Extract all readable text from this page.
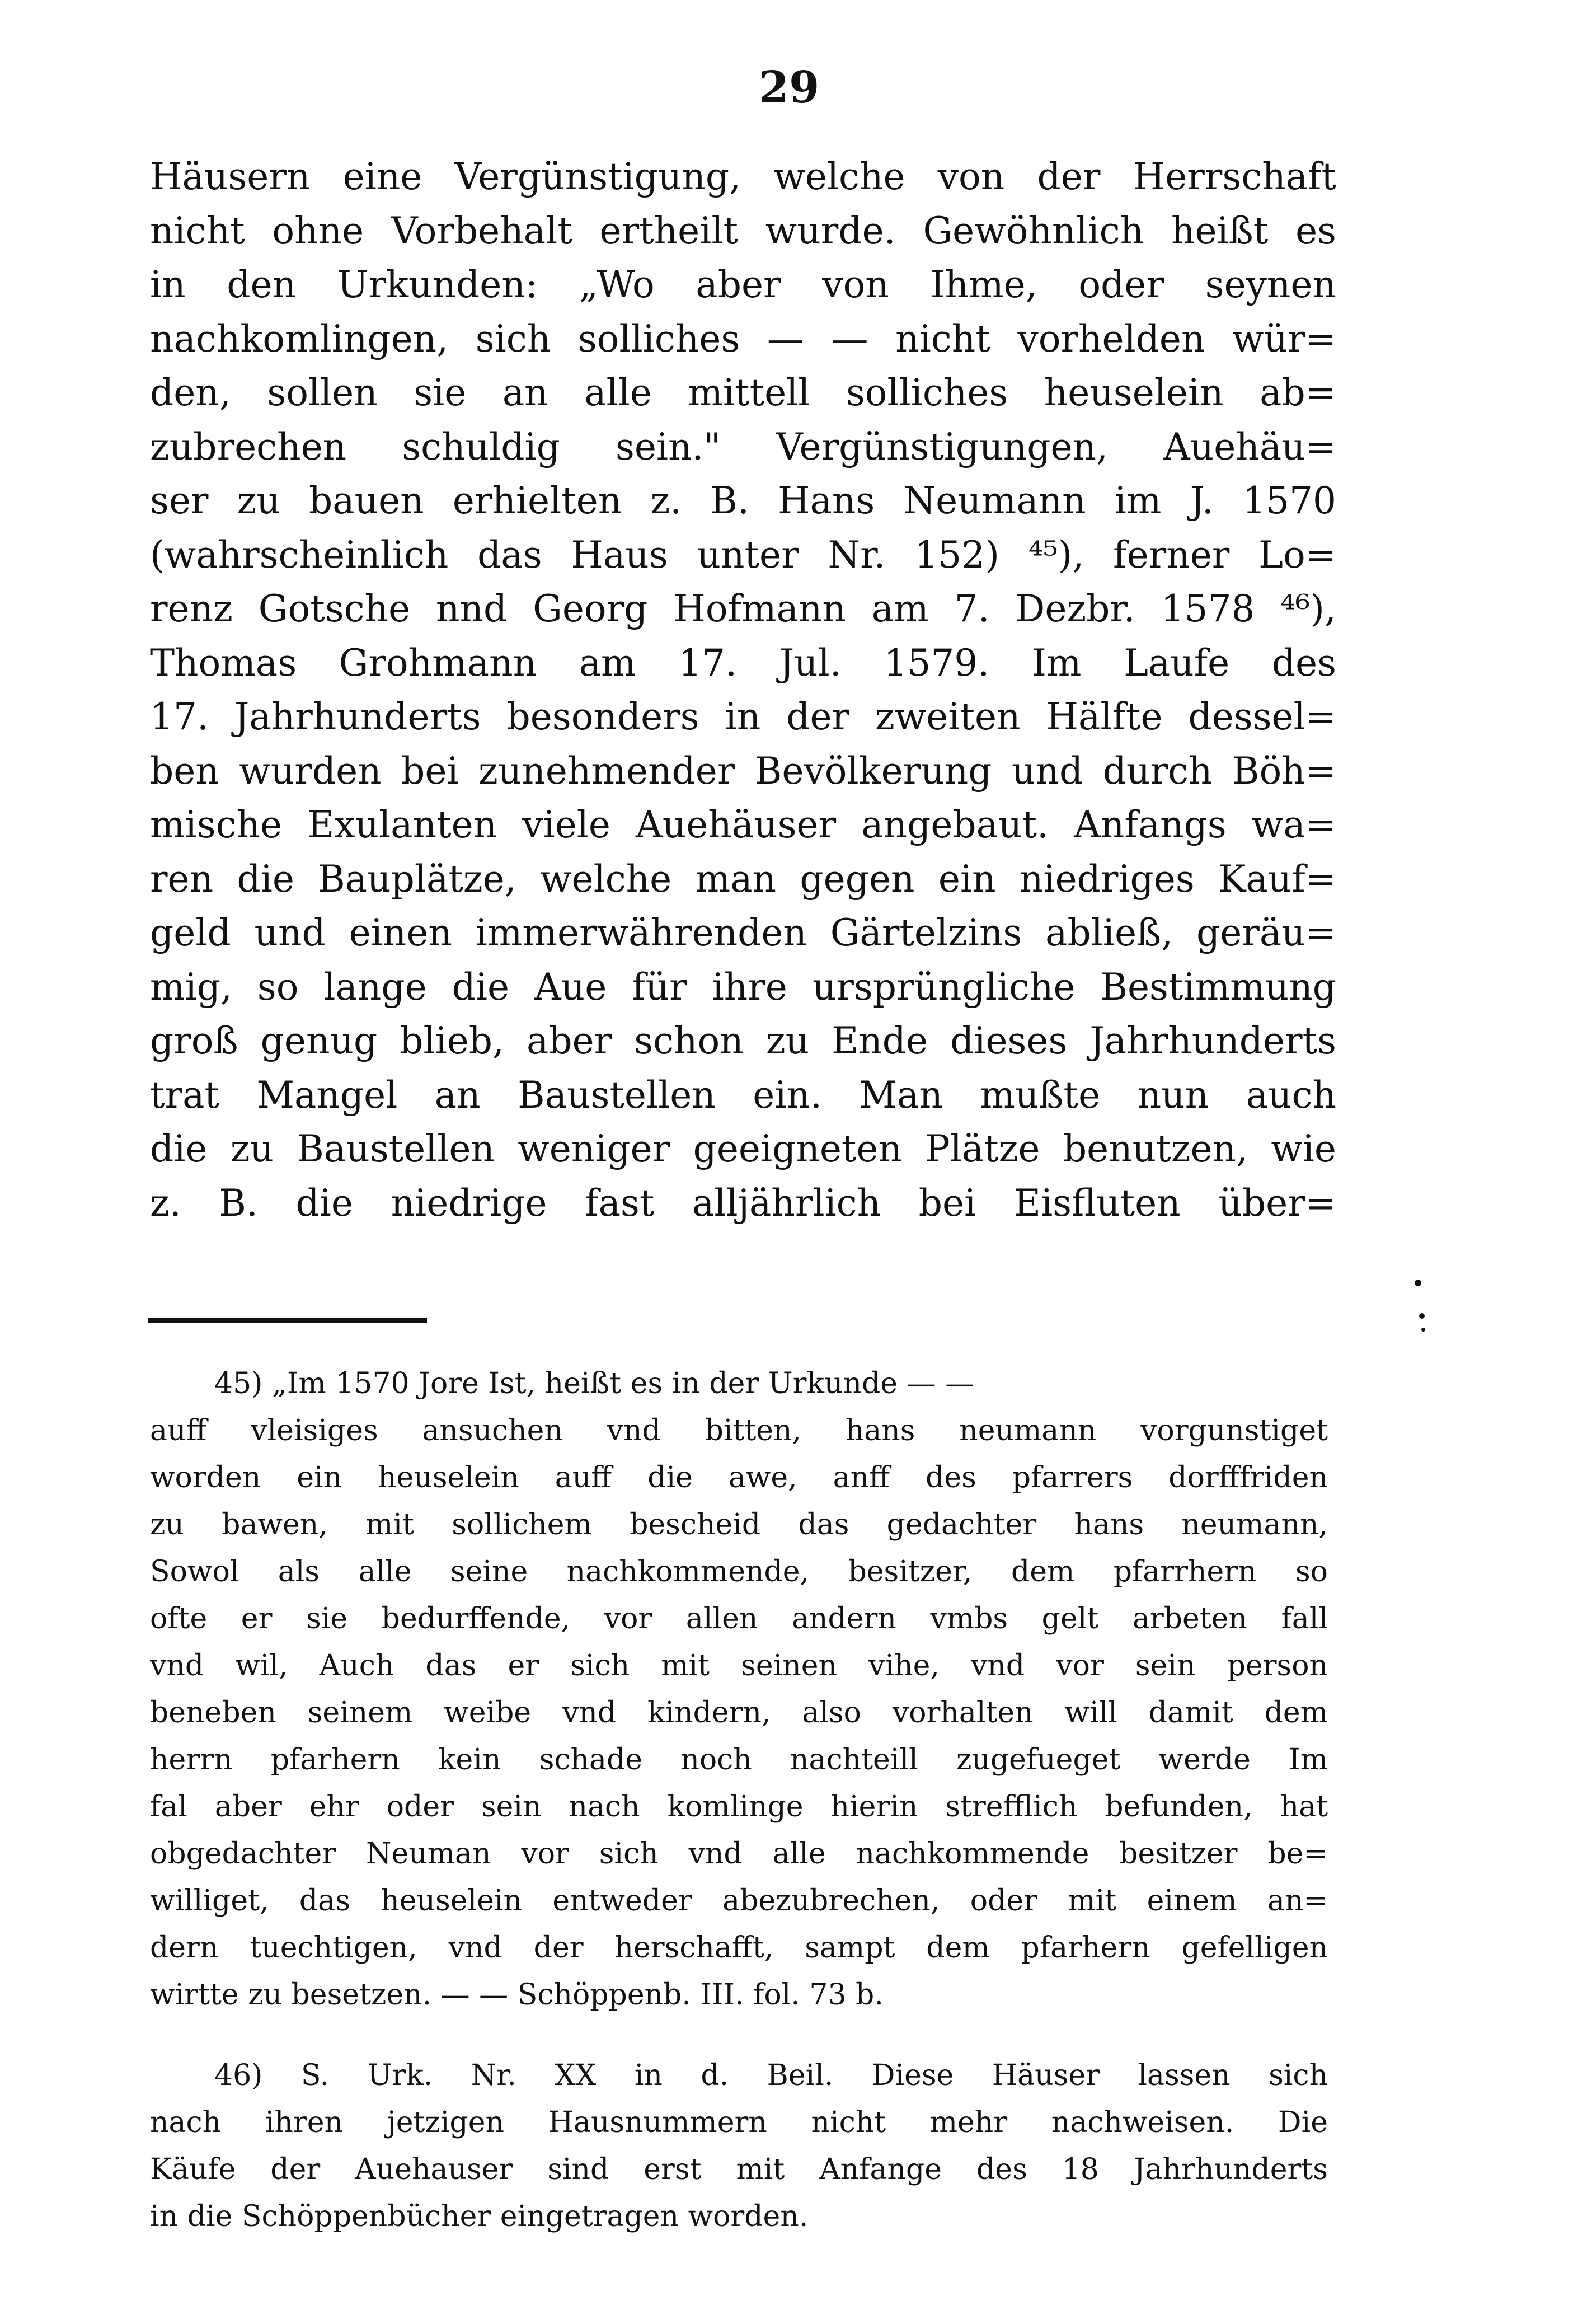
29
Häusern eine Vergünstigung, welche von der Herrschaft
nicht ohne Vorbehalt ertheilt wurde. Gewöhnlich heißt es
in den Urkunden: „Wo aber von Ihme, oder seynen
nachkomlingen, sich solliches — — nicht vorhelden wür=
den, sollen sie an alle mittell solliches heuselein ab=
zubrechen schuldig sein." Vergünstigungen, Auehäu=
ser zu bauen erhielten z. B. Hans Neumann im J. 1570
(wahrscheinlich das Haus unter Nr. 152) ⁴⁵), ferner Lo=
renz Gotsche nnd Georg Hofmann am 7. Dezbr. 1578 ⁴⁶),
Thomas Grohmann am 17. Jul. 1579. Im Laufe des
17. Jahrhunderts besonders in der zweiten Hälfte dessel=
ben wurden bei zunehmender Bevölkerung und durch Böh=
mische Exulanten viele Auehäuser angebaut. Anfangs wa=
ren die Bauplätze, welche man gegen ein niedriges Kauf=
geld und einen immerwährenden Gärtelzins abließ, geräu=
mig, so lange die Aue für ihre ursprüngliche Bestimmung
groß genug blieb, aber schon zu Ende dieses Jahrhunderts
trat Mangel an Baustellen ein. Man mußte nun auch
die zu Baustellen weniger geeigneten Plätze benutzen, wie
z. B. die niedrige fast alljährlich bei Eisfluten über=
45) „Im 1570 Jore Ist, heißt es in der Urkunde — —
auff vleisiges ansuchen vnd bitten, hans neumann vorgunstiget
worden ein heuselein auff die awe, anff des pfarrers dorfffriden
zu bawen, mit sollichem bescheid das gedachter hans neumann,
Sowol als alle seine nachkommende, besitzer, dem pfarrhern so
ofte er sie bedurffende, vor allen andern vmbs gelt arbeten fall
vnd wil, Auch das er sich mit seinen vihe, vnd vor sein person
beneben seinem weibe vnd kindern, also vorhalten will damit dem
herrn pfarhern kein schade noch nachteill zugefueget werde Im
fal aber ehr oder sein nach komlinge hierin strefflich befunden, hat
obgedachter Neuman vor sich vnd alle nachkommende besitzer be=
williget, das heuselein entweder abezubrechen, oder mit einem an=
dern tuechtigen, vnd der herschafft, sampt dem pfarhern gefelligen
wirtte zu besetzen. — — Schöppenb. III. fol. 73 b.
46) S. Urk. Nr. XX in d. Beil. Diese Häuser lassen sich
nach ihren jetzigen Hausnummern nicht mehr nachweisen. Die
Käufe der Auehauser sind erst mit Anfange des 18 Jahrhunderts
in die Schöppenbücher eingetragen worden.
